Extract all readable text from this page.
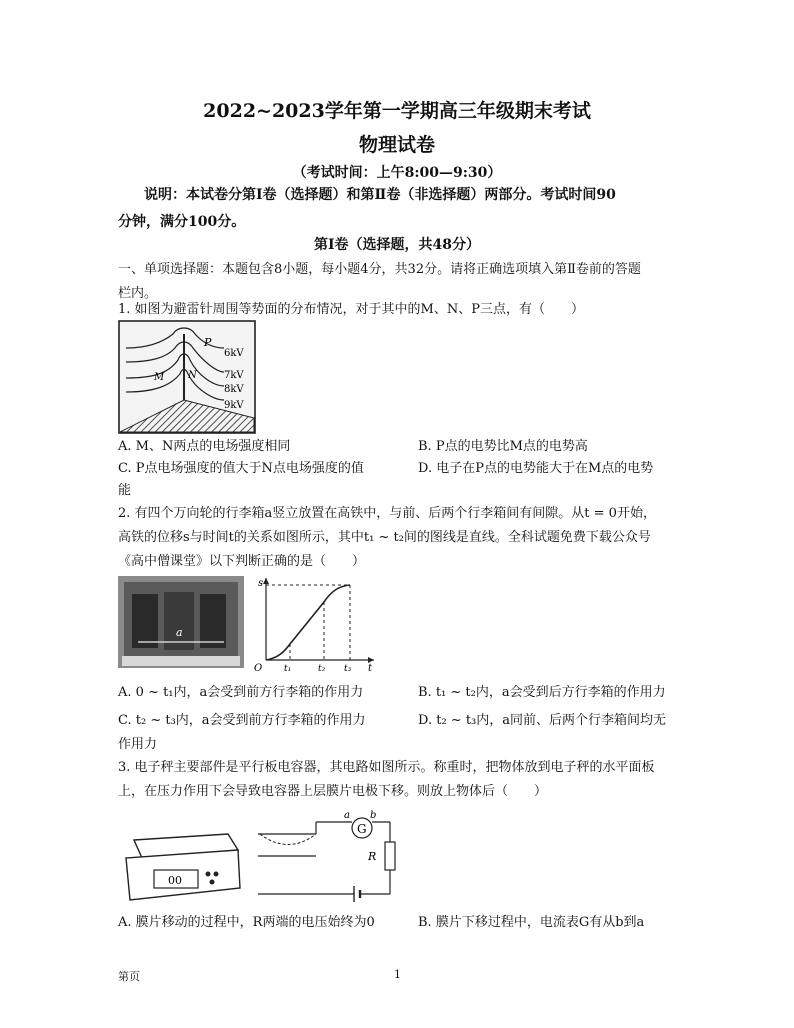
2022~2023学年第一学期高三年级期末考试
物理试卷
（考试时间：上午8:00—9:30）
说明：本试卷分第Ⅰ卷（选择题）和第Ⅱ卷（非选择题）两部分。考试时间90
分钟，满分100分。
第Ⅰ卷（选择题，共48分）
一、单项选择题：本题包含8小题，每小题4分，共32分。请将正确选项填入第Ⅱ卷前的答题
栏内。
1. 如图为避雷针周围等势面的分布情况，对于其中的M、N、P三点，有（　　）
P
M N
6kV
7kV
8kV
9kV
A. M、N两点的电场强度相同	B. P点的电势比M点的电势高
C. P点电场强度的值大于N点电场强度的值	D. 电子在P点的电势能大于在M点的电势
能
2. 有四个万向轮的行李箱a竖立放置在高铁中，与前、后两个行李箱间有间隙。从t = 0开始，
高铁的位移s与时间t的关系如图所示，其中t₁ ~ t₂间的图线是直线。全科试题免费下载公众号
《高中僧课堂》以下判断正确的是（　　）
a
s
t
O t₁	t₂ t₃
A. 0 ~ t₁内，a会受到前方行李箱的作用力	B. t₁ ~ t₂内，a会受到后方行李箱的作用力
C. t₂ ~ t₃内，a会受到前方行李箱的作用力	D. t₂ ~ t₃内，a同前、后两个行李箱间均无
作用力
3. 电子秤主要部件是平行板电容器，其电路如图所示。称重时，把物体放到电子秤的水平面板
上，在压力作用下会导致电容器上层膜片电极下移。则放上物体后（　　）
00
G
a b
R
A. 膜片移动的过程中，R两端的电压始终为0	B. 膜片下移过程中，电流表G有从b到a
第页	1
